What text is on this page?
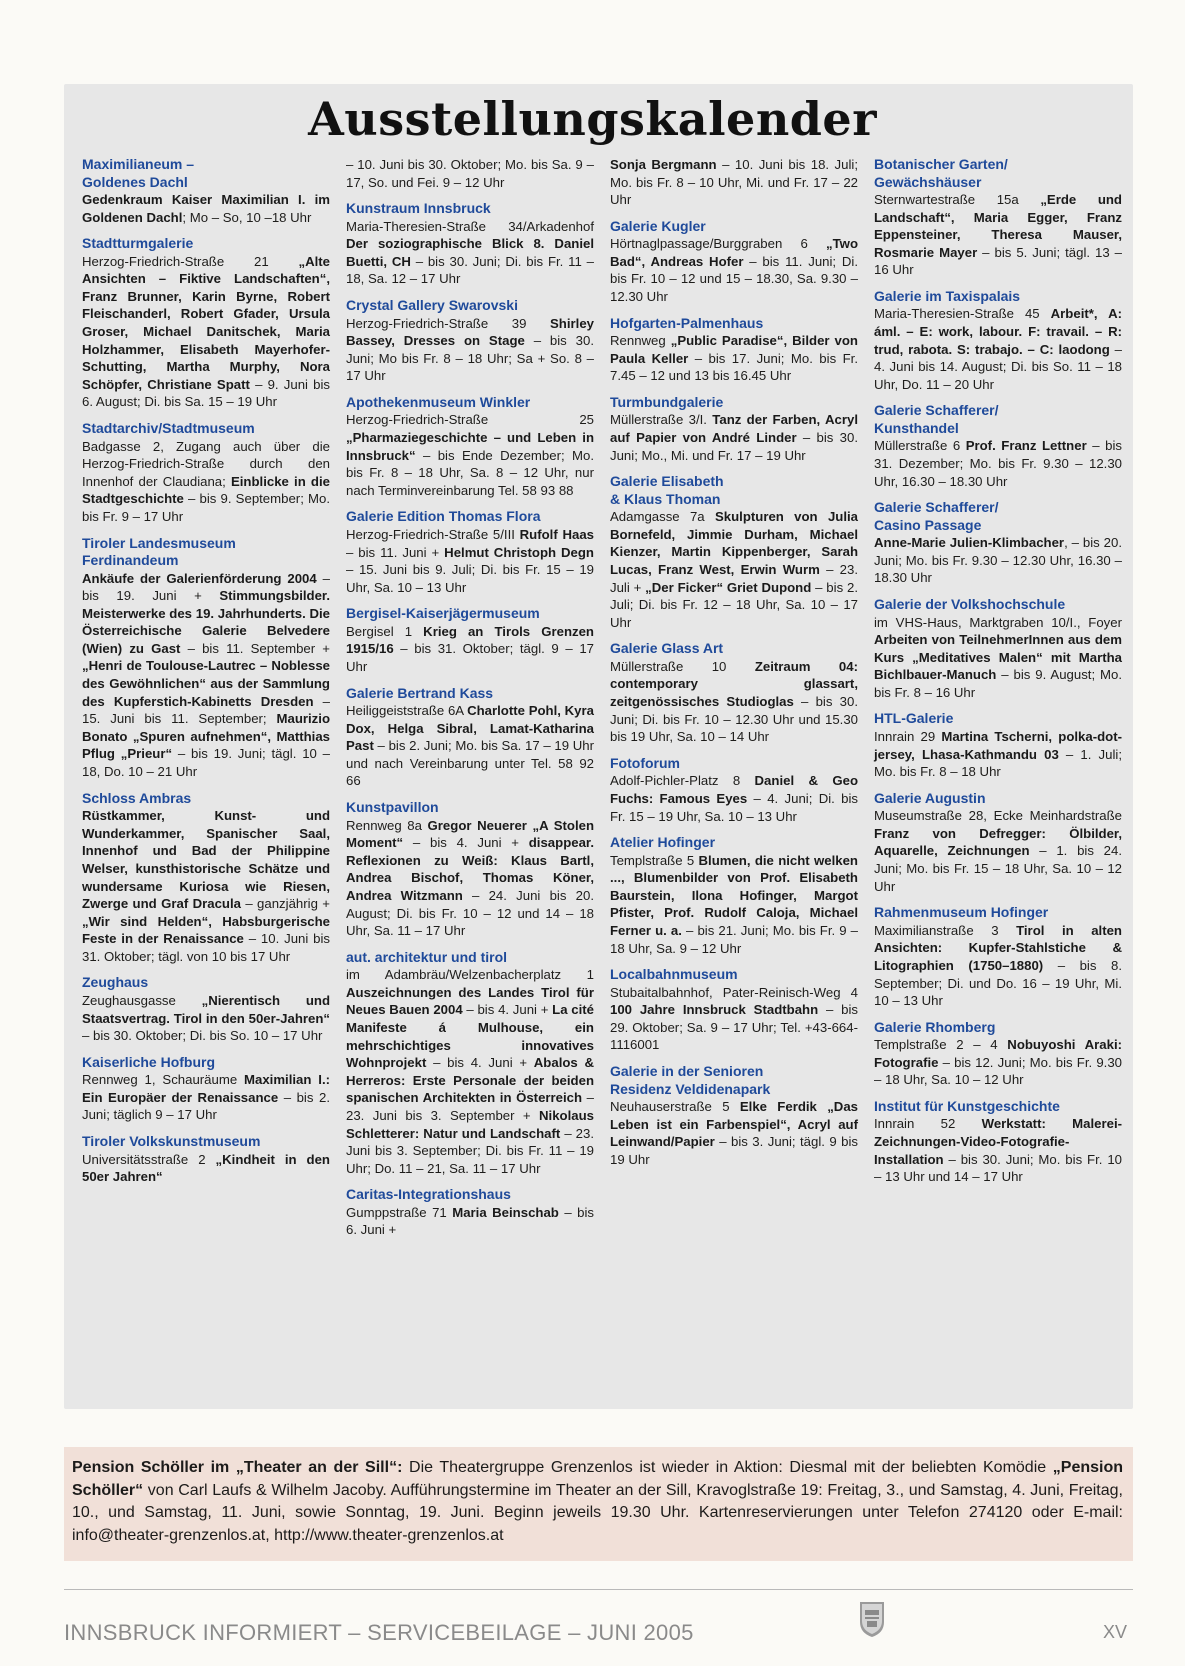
Ausstellungskalender
Maximilianeum –
Goldenes Dachl
Gedenkraum Kaiser Maximilian I. im Goldenen Dachl; Mo – So, 10 –18 Uhr
Stadtturmgalerie
Herzog-Friedrich-Straße 21 „Alte Ansichten – Fiktive Landschaften“, Franz Brunner, Karin Byrne, Robert Fleischanderl, Robert Gfader, Ursula Groser, Michael Danitschek, Maria Holzhammer, Elisabeth Mayerhofer-Schutting, Martha Murphy, Nora Schöpfer, Christiane Spatt – 9. Juni bis 6. August; Di. bis Sa. 15 – 19 Uhr
Stadtarchiv/Stadtmuseum
Badgasse 2, Zugang auch über die Herzog-Friedrich-Straße durch den Innenhof der Claudiana; Einblicke in die Stadtgeschichte – bis 9. September; Mo. bis Fr. 9 – 17 Uhr
Tiroler Landesmuseum
Ferdinandeum
Ankäufe der Galerienförderung 2004 – bis 19. Juni + Stimmungsbilder. Meisterwerke des 19. Jahrhunderts. Die Österreichische Galerie Belvedere (Wien) zu Gast – bis 11. September + „Henri de Toulouse-Lautrec – Noblesse des Gewöhnlichen“ aus der Sammlung des Kupferstich-Kabinetts Dresden – 15. Juni bis 11. September; Maurizio Bonato „Spuren aufnehmen“, Matthias Pflug „Prieur“ – bis 19. Juni; tägl. 10 – 18, Do. 10 – 21 Uhr
Schloss Ambras
Rüstkammer, Kunst- und Wunderkammer, Spanischer Saal, Innenhof und Bad der Philippine Welser, kunsthistorische Schätze und wundersame Kuriosa wie Riesen, Zwerge und Graf Dracula – ganzjährig + „Wir sind Helden“, Habsburgerische Feste in der Renaissance – 10. Juni bis 31. Oktober; tägl. von 10 bis 17 Uhr
Zeughaus
Zeughausgasse „Nierentisch und Staatsvertrag. Tirol in den 50er-Jahren“ – bis 30. Oktober; Di. bis So. 10 – 17 Uhr
Kaiserliche Hofburg
Rennweg 1, Schauräume Maximilian I.: Ein Europäer der Renaissance – bis 2. Juni; täglich 9 – 17 Uhr
Tiroler Volkskunstmuseum
Universitätsstraße 2 „Kindheit in den 50er Jahren“
– 10. Juni bis 30. Oktober; Mo. bis Sa. 9 – 17, So. und Fei. 9 – 12 Uhr
Kunstraum Innsbruck
Maria-Theresien-Straße 34/Arkadenhof Der soziographische Blick 8. Daniel Buetti, CH – bis 30. Juni; Di. bis Fr. 11 – 18, Sa. 12 – 17 Uhr
Crystal Gallery Swarovski
Herzog-Friedrich-Straße 39 Shirley Bassey, Dresses on Stage – bis 30. Juni; Mo bis Fr. 8 – 18 Uhr; Sa + So. 8 – 17 Uhr
Apothekenmuseum Winkler
Herzog-Friedrich-Straße 25 „Pharmaziegeschichte – und Leben in Innsbruck“ – bis Ende Dezember; Mo. bis Fr. 8 – 18 Uhr, Sa. 8 – 12 Uhr, nur nach Terminvereinbarung Tel. 58 93 88
Galerie Edition Thomas Flora
Herzog-Friedrich-Straße 5/III Rufolf Haas – bis 11. Juni + Helmut Christoph Degn – 15. Juni bis 9. Juli; Di. bis Fr. 15 – 19 Uhr, Sa. 10 – 13 Uhr
Bergisel-Kaiserjägermuseum
Bergisel 1 Krieg an Tirols Grenzen 1915/16 – bis 31. Oktober; tägl. 9 – 17 Uhr
Galerie Bertrand Kass
Heiliggeiststraße 6A Charlotte Pohl, Kyra Dox, Helga Sibral, Lamat-Katharina Past – bis 2. Juni; Mo. bis Sa. 17 – 19 Uhr und nach Vereinbarung unter Tel. 58 92 66
Kunstpavillon
Rennweg 8a Gregor Neuerer „A Stolen Moment“ – bis 4. Juni + disappear. Reflexionen zu Weiß: Klaus Bartl, Andrea Bischof, Thomas Köner, Andrea Witzmann – 24. Juni bis 20. August; Di. bis Fr. 10 – 12 und 14 – 18 Uhr, Sa. 11 – 17 Uhr
aut. architektur und tirol
im Adambräu/Welzenbacherplatz 1 Auszeichnungen des Landes Tirol für Neues Bauen 2004 – bis 4. Juni + La cité Manifeste á Mulhouse, ein mehrschichtiges innovatives Wohnprojekt – bis 4. Juni + Abalos & Herreros: Erste Personale der beiden spanischen Architekten in Österreich – 23. Juni bis 3. September + Nikolaus Schletterer: Natur und Landschaft – 23. Juni bis 3. September; Di. bis Fr. 11 – 19 Uhr; Do. 11 – 21, Sa. 11 – 17 Uhr
Caritas-Integrationshaus
Gumppstraße 71 Maria Beinschab – bis 6. Juni +
Sonja Bergmann – 10. Juni bis 18. Juli; Mo. bis Fr. 8 – 10 Uhr, Mi. und Fr. 17 – 22 Uhr
Galerie Kugler
Hörtnaglpassage/Burggraben 6 „Two Bad“, Andreas Hofer – bis 11. Juni; Di. bis Fr. 10 – 12 und 15 – 18.30, Sa. 9.30 – 12.30 Uhr
Hofgarten-Palmenhaus
Rennweg „Public Paradise“, Bilder von Paula Keller – bis 17. Juni; Mo. bis Fr. 7.45 – 12 und 13 bis 16.45 Uhr
Turmbundgalerie
Müllerstraße 3/I. Tanz der Farben, Acryl auf Papier von André Linder – bis 30. Juni; Mo., Mi. und Fr. 17 – 19 Uhr
Galerie Elisabeth
& Klaus Thoman
Adamgasse 7a Skulpturen von Julia Bornefeld, Jimmie Durham, Michael Kienzer, Martin Kippenberger, Sarah Lucas, Franz West, Erwin Wurm – 23. Juli + „Der Ficker“ Griet Dupond – bis 2. Juli; Di. bis Fr. 12 – 18 Uhr, Sa. 10 – 17 Uhr
Galerie Glass Art
Müllerstraße 10 Zeitraum 04: contemporary glassart, zeitgenössisches Studioglas – bis 30. Juni; Di. bis Fr. 10 – 12.30 Uhr und 15.30 bis 19 Uhr, Sa. 10 – 14 Uhr
Fotoforum
Adolf-Pichler-Platz 8 Daniel & Geo Fuchs: Famous Eyes – 4. Juni; Di. bis Fr. 15 – 19 Uhr, Sa. 10 – 13 Uhr
Atelier Hofinger
Templstraße 5 Blumen, die nicht welken ..., Blumenbilder von Prof. Elisabeth Baurstein, Ilona Hofinger, Margot Pfister, Prof. Rudolf Caloja, Michael Ferner u. a. – bis 21. Juni; Mo. bis Fr. 9 – 18 Uhr, Sa. 9 – 12 Uhr
Localbahnmuseum
Stubaitalbahnhof, Pater-Reinisch-Weg 4 100 Jahre Innsbruck Stadtbahn – bis 29. Oktober; Sa. 9 – 17 Uhr; Tel. +43-664-1116001
Galerie in der Senioren
Residenz Veldidenapark
Neuhauserstraße 5 Elke Ferdik „Das Leben ist ein Farbenspiel“, Acryl auf Leinwand/Papier – bis 3. Juni; tägl. 9 bis 19 Uhr
Botanischer Garten/
Gewächshäuser
Sternwartestraße 15a „Erde und Landschaft“, Maria Egger, Franz Eppensteiner, Theresa Mauser, Rosmarie Mayer – bis 5. Juni; tägl. 13 – 16 Uhr
Galerie im Taxispalais
Maria-Theresien-Straße 45 Arbeit*, A: áml. – E: work, labour. F: travail. – R: trud, rabota. S: trabajo. – C: laodong – 4. Juni bis 14. August; Di. bis So. 11 – 18 Uhr, Do. 11 – 20 Uhr
Galerie Schafferer/
Kunsthandel
Müllerstraße 6 Prof. Franz Lettner – bis 31. Dezember; Mo. bis Fr. 9.30 – 12.30 Uhr, 16.30 – 18.30 Uhr
Galerie Schafferer/
Casino Passage
Anne-Marie Julien-Klimbacher, – bis 20. Juni; Mo. bis Fr. 9.30 – 12.30 Uhr, 16.30 – 18.30 Uhr
Galerie der Volkshochschule
im VHS-Haus, Marktgraben 10/I., Foyer Arbeiten von TeilnehmerInnen aus dem Kurs „Meditatives Malen“ mit Martha Bichlbauer-Manuch – bis 9. August; Mo. bis Fr. 8 – 16 Uhr
HTL-Galerie
Innrain 29 Martina Tscherni, polka-dot-jersey, Lhasa-Kathmandu 03 – 1. Juli; Mo. bis Fr. 8 – 18 Uhr
Galerie Augustin
Museumstraße 28, Ecke Meinhardstraße Franz von Defregger: Ölbilder, Aquarelle, Zeichnungen – 1. bis 24. Juni; Mo. bis Fr. 15 – 18 Uhr, Sa. 10 – 12 Uhr
Rahmenmuseum Hofinger
Maximilianstraße 3 Tirol in alten Ansichten: Kupfer-Stahlstiche & Litographien (1750–1880) – bis 8. September; Di. und Do. 16 – 19 Uhr, Mi. 10 – 13 Uhr
Galerie Rhomberg
Templstraße 2 – 4 Nobuyoshi Araki: Fotografie – bis 12. Juni; Mo. bis Fr. 9.30 – 18 Uhr, Sa. 10 – 12 Uhr
Institut für Kunstgeschichte
Innrain 52 Werkstatt: Malerei-Zeichnungen-Video-Fotografie-Installation – bis 30. Juni; Mo. bis Fr. 10 – 13 Uhr und 14 – 17 Uhr
Pension Schöller im „Theater an der Sill“: Die Theatergruppe Grenzenlos ist wieder in Aktion: Diesmal mit der beliebten Komödie „Pension Schöller“ von Carl Laufs & Wilhelm Jacoby. Aufführungstermine im Theater an der Sill, Kravoglstraße 19: Freitag, 3., und Samstag, 4. Juni, Freitag, 10., und Samstag, 11. Juni, sowie Sonntag, 19. Juni. Beginn jeweils 19.30 Uhr. Kartenreservierungen unter Telefon 274120 oder E-mail: info@theater-grenzenlos.at, http://www.theater-grenzenlos.at
INNSBRUCK INFORMIERT – SERVICEBEILAGE – JUNI 2005	XV
